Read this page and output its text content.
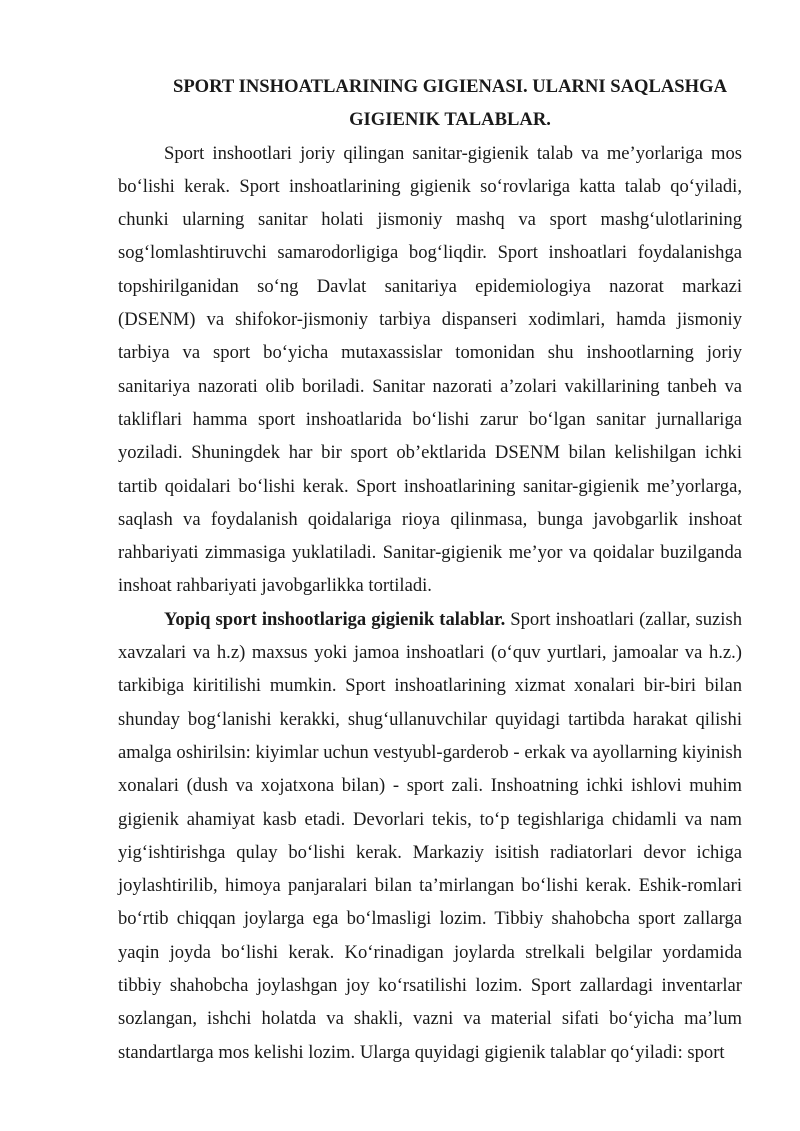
SPORT INSHOATLARINING GIGIENASI. ULARNI SAQLASHGA
GIGIENIK TALABLAR.

Sport inshootlari joriy qilingan sanitar-gigienik talab va me’yorlariga mos bo‘lishi kerak. Sport inshoatlarining gigienik so‘rovlariga katta talab qo‘yiladi, chunki ularning sanitar holati jismoniy mashq va sport mashg‘ulotlarining sog‘lomlashtiruvchi samarodorligiga bog‘liqdir. Sport inshoatlari foydalanishga topshirilganidan so‘ng Davlat sanitariya epidemiologiya nazorat markazi (DSENM) va shifokor-jismoniy tarbiya dispanseri xodimlari, hamda jismoniy tarbiya va sport bo‘yicha mutaxassislar tomonidan shu inshootlarning joriy sanitariya nazorati olib boriladi. Sanitar nazorati a’zolari vakillarining tanbeh va takliflari hamma sport inshoatlarida bo‘lishi zarur bo‘lgan sanitar jurnallariga yoziladi. Shuningdek har bir sport ob’ektlarida DSENM bilan kelishilgan ichki tartib qoidalari bo‘lishi kerak. Sport inshoatlarining sanitar-gigienik me’yorlarga, saqlash va foydalanish qoidalariga rioya qilinmasa, bunga javobgarlik inshoat rahbariyati zimmasiga yuklatiladi. Sanitar-gigienik me’yor va qoidalar buzilganda inshoat rahbariyati javobgarlikka tortiladi.

Yopiq sport inshootlariga gigienik talablar. Sport inshoatlari (zallar, suzish xavzalari va h.z) maxsus yoki jamoa inshoatlari (o‘quv yurtlari, jamoalar va h.z.) tarkibiga kiritilishi mumkin. Sport inshoatlarining xizmat xonalari bir-biri bilan shunday bog‘lanishi kerakki, shug‘ullanuvchilar quyidagi tartibda harakat qilishi amalga oshirilsin: kiyimlar uchun vestyubl-garderob - erkak va ayollarning kiyinish xonalari (dush va xojatxona bilan) - sport zali. Inshoatning ichki ishlovi muhim gigienik ahamiyat kasb etadi. Devorlari tekis, to‘p tegishlariga chidamli va nam yig‘ishtirishga qulay bo‘lishi kerak. Markaziy isitish radiatorlari devor ichiga joylashtirilib, himoya panjaralari bilan ta’mirlangan bo‘lishi kerak. Eshik-romlari bo‘rtib chiqqan joylarga ega bo‘lmasligi lozim. Tibbiy shahobcha sport zallarga yaqin joyda bo‘lishi kerak. Ko‘rinadigan joylarda strelkali belgilar yordamida tibbiy shahobcha joylashgan joy ko‘rsatilishi lozim. Sport zallardagi inventarlar sozlangan, ishchi holatda va shakli, vazni va material sifati bo‘yicha ma’lum standartlarga mos kelishi lozim. Ularga quyidagi gigienik talablar qo‘yiladi: sport
